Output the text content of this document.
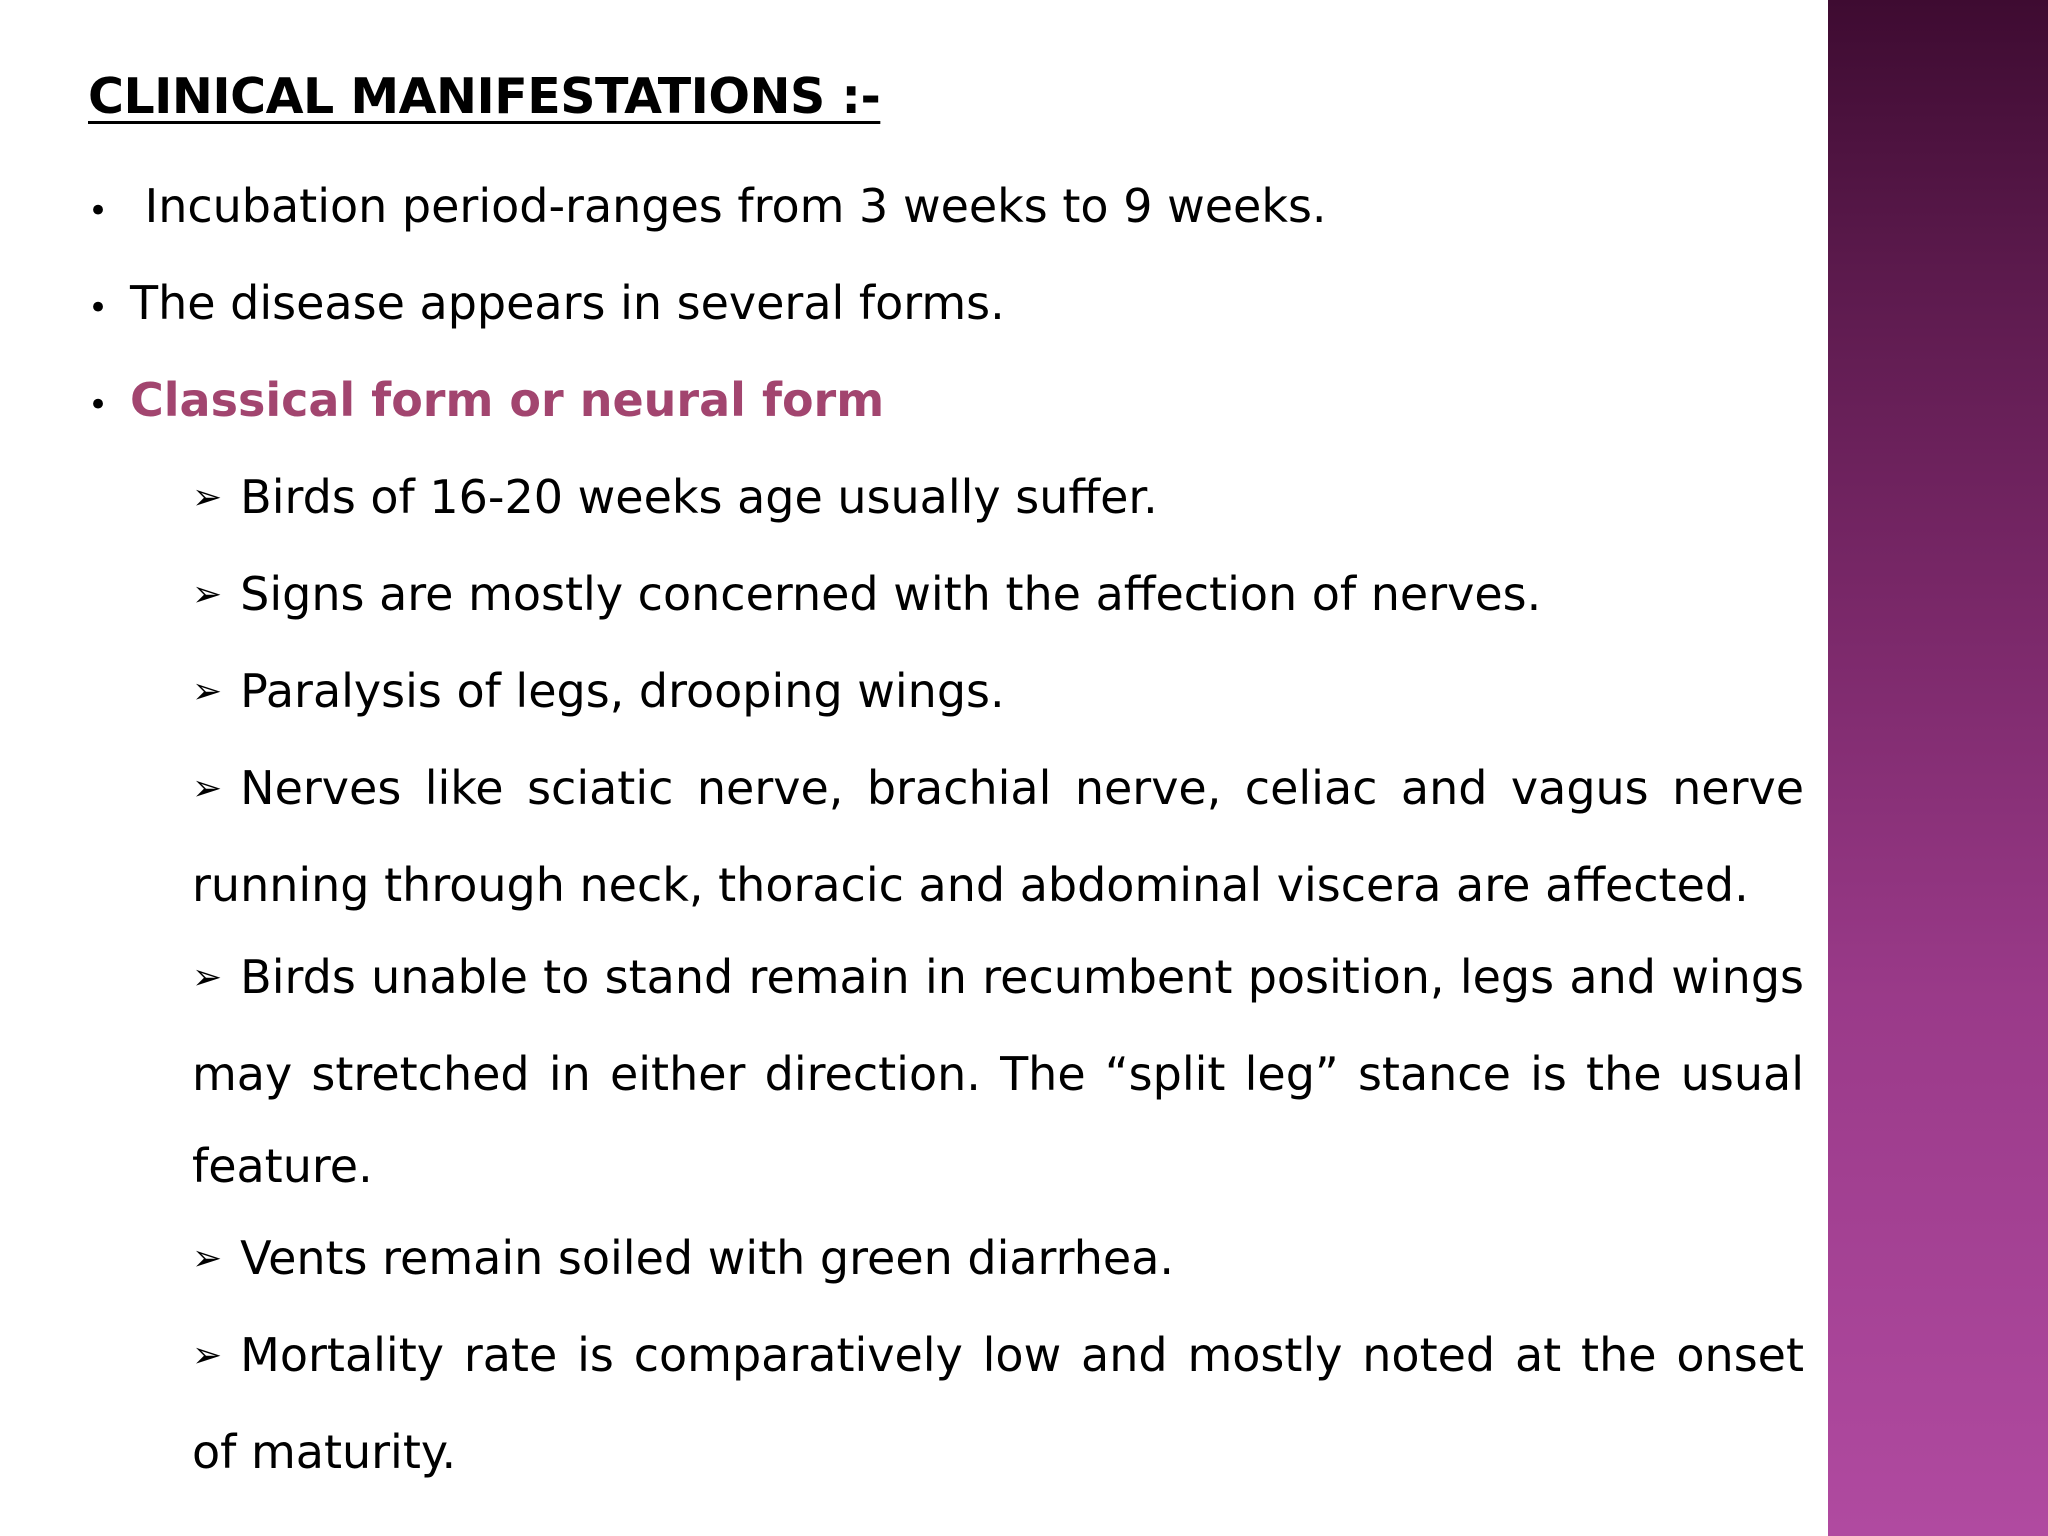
CLINICAL MANIFESTATIONS :-
• Incubation period-ranges from 3 weeks to 9 weeks.
• The disease appears in several forms.
• Classical form or neural form
➢ Birds of 16-20 weeks age usually suffer.
➢ Signs are mostly concerned with the affection of nerves.
➢ Paralysis of legs, drooping wings.
➢ Nerves like sciatic nerve, brachial nerve, celiac and vagus nerve running through neck, thoracic and abdominal viscera are affected.
➢ Birds unable to stand remain in recumbent position, legs and wings may stretched in either direction. The “split leg” stance is the usual feature.
➢ Vents remain soiled with green diarrhea.
➢ Mortality rate is comparatively low and mostly noted at the onset of maturity.
